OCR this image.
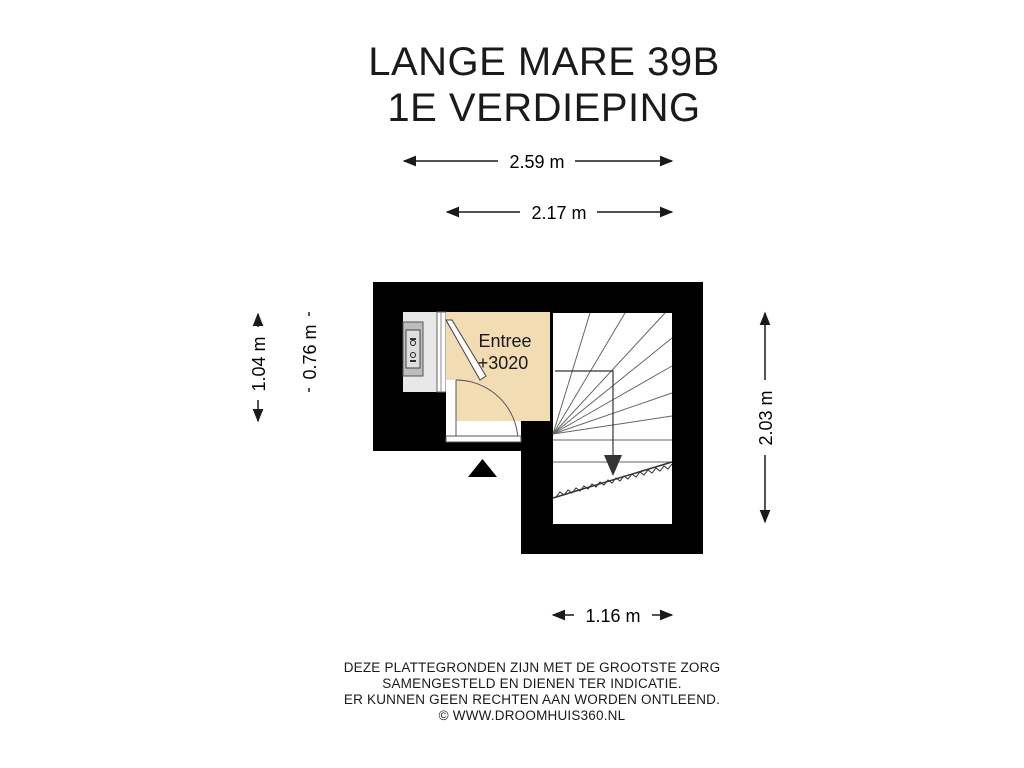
LANGE MARE 39B
1E VERDIEPING
2.59 m
2.17 m
1.04 m 0.76 m
2.03 m
1.16 m
Entree
+3020
DEZE PLATTEGRONDEN ZIJN MET DE GROOTSTE ZORG
SAMENGESTELD EN DIENEN TER INDICATIE.
ER KUNNEN GEEN RECHTEN AAN WORDEN ONTLEEND.
© WWW.DROOMHUIS360.NL
